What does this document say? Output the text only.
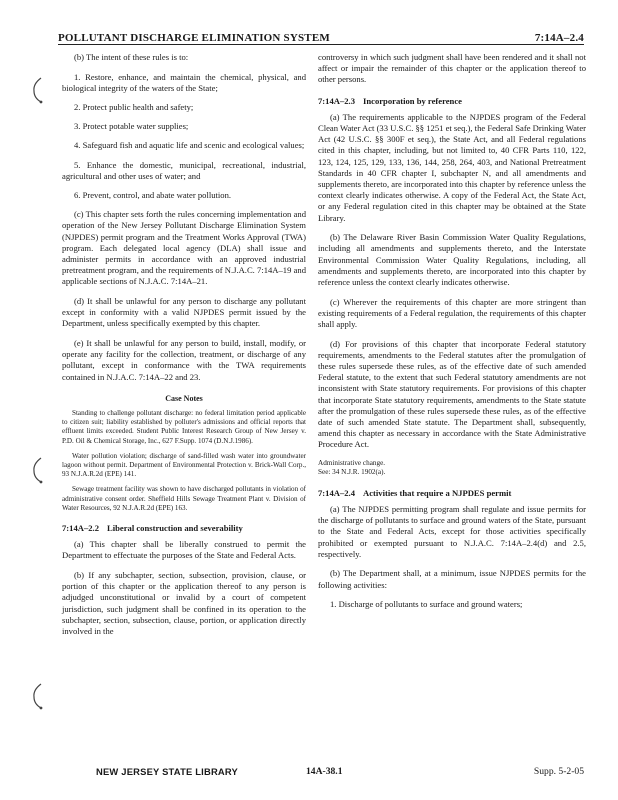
POLLUTANT DISCHARGE ELIMINATION SYSTEM	7:14A–2.4

(b) The intent of these rules is to:

1. Restore, enhance, and maintain the chemical, physical, and biological integrity of the waters of the State;

2. Protect public health and safety;

3. Protect potable water supplies;

4. Safeguard fish and aquatic life and scenic and ecological values;

5. Enhance the domestic, municipal, recreational, industrial, agricultural and other uses of water; and

6. Prevent, control, and abate water pollution.

(c) This chapter sets forth the rules concerning implementation and operation of the New Jersey Pollutant Discharge Elimination System (NJPDES) permit program and the Treatment Works Approval (TWA) program. Each delegated local agency (DLA) shall issue and administer permits in accordance with an approved industrial pretreatment program, and the requirements of N.J.A.C. 7:14A–19 and applicable sections of N.J.A.C. 7:14A–21.

(d) It shall be unlawful for any person to discharge any pollutant except in conformity with a valid NJPDES permit issued by the Department, unless specifically exempted by this chapter.

(e) It shall be unlawful for any person to build, install, modify, or operate any facility for the collection, treatment, or discharge of any pollutant, except in conformance with the TWA requirements contained in N.J.A.C. 7:14A–22 and 23.

Case Notes

Standing to challenge pollutant discharge: no federal limitation period applicable to citizen suit; liability established by polluter's admissions and official reports that effluent limits exceeded. Student Public Interest Research Group of New Jersey v. P.D. Oil & Chemical Storage, Inc., 627 F.Supp. 1074 (D.N.J.1986).

Water pollution violation; discharge of sand-filled wash water into groundwater lagoon without permit. Department of Environmental Protection v. Brick-Wall Corp., 93 N.J.A.R.2d (EPE) 141.

Sewage treatment facility was shown to have discharged pollutants in violation of administrative consent order. Sheffield Hills Sewage Treatment Plant v. Division of Water Resources, 92 N.J.A.R.2d (EPE) 163.

7:14A–2.2 Liberal construction and severability

(a) This chapter shall be liberally construed to permit the Department to effectuate the purposes of the State and Federal Acts.

(b) If any subchapter, section, subsection, provision, clause, or portion of this chapter or the application thereof to any person is adjudged unconstitutional or invalid by a court of competent jurisdiction, such judgment shall be confined in its operation to the subchapter, section, subsection, clause, portion, or application directly involved in the

controversy in which such judgment shall have been rendered and it shall not affect or impair the remainder of this chapter or the application thereof to other persons.

7:14A–2.3 Incorporation by reference

(a) The requirements applicable to the NJPDES program of the Federal Clean Water Act (33 U.S.C. §§ 1251 et seq.), the Federal Safe Drinking Water Act (42 U.S.C. §§ 300F et seq.), the State Act, and all Federal regulations cited in this chapter, including, but not limited to, 40 CFR Parts 110, 122, 123, 124, 125, 129, 133, 136, 144, 258, 264, 403, and National Pretreatment Standards in 40 CFR chapter I, subchapter N, and all amendments and supplements thereto, are incorporated into this chapter by reference unless the context clearly indicates otherwise. A copy of the Federal Act, the State Act, or any Federal regulation cited in this chapter may be obtained at the State Library.

(b) The Delaware River Basin Commission Water Quality Regulations, including all amendments and supplements thereto, and the Interstate Environmental Commission Water Quality Regulations, including, all amendments and supplements thereto, are incorporated into this chapter by reference unless the context clearly indicates otherwise.

(c) Wherever the requirements of this chapter are more stringent than existing requirements of a Federal regulation, the requirements of this chapter shall apply.

(d) For provisions of this chapter that incorporate Federal statutory requirements, amendments to the Federal statutes after the promulgation of these rules supersede these rules, as of the effective date of such amended Federal statute, to the extent that such Federal statutory amendments are not inconsistent with State statutory requirements. For provisions of this chapter that incorporate State statutory requirements, amendments to the State statute after the promulgation of these rules supersede these rules, as of the effective date of such amended State statute. The Department shall, subsequently, amend this chapter as necessary in accordance with the State Administrative Procedure Act.

Administrative change.
See: 34 N.J.R. 1902(a).

7:14A–2.4 Activities that require a NJPDES permit

(a) The NJPDES permitting program shall regulate and issue permits for the discharge of pollutants to surface and ground waters of the State, pursuant to the State and Federal Acts, except for those activities specifically prohibited or exempted pursuant to N.J.A.C. 7:14A–2.4(d) and 2.5, respectively.

(b) The Department shall, at a minimum, issue NJPDES permits for the following activities:

1. Discharge of pollutants to surface and ground waters;

NEW JERSEY STATE LIBRARY	14A-38.1	Supp. 5-2-05
